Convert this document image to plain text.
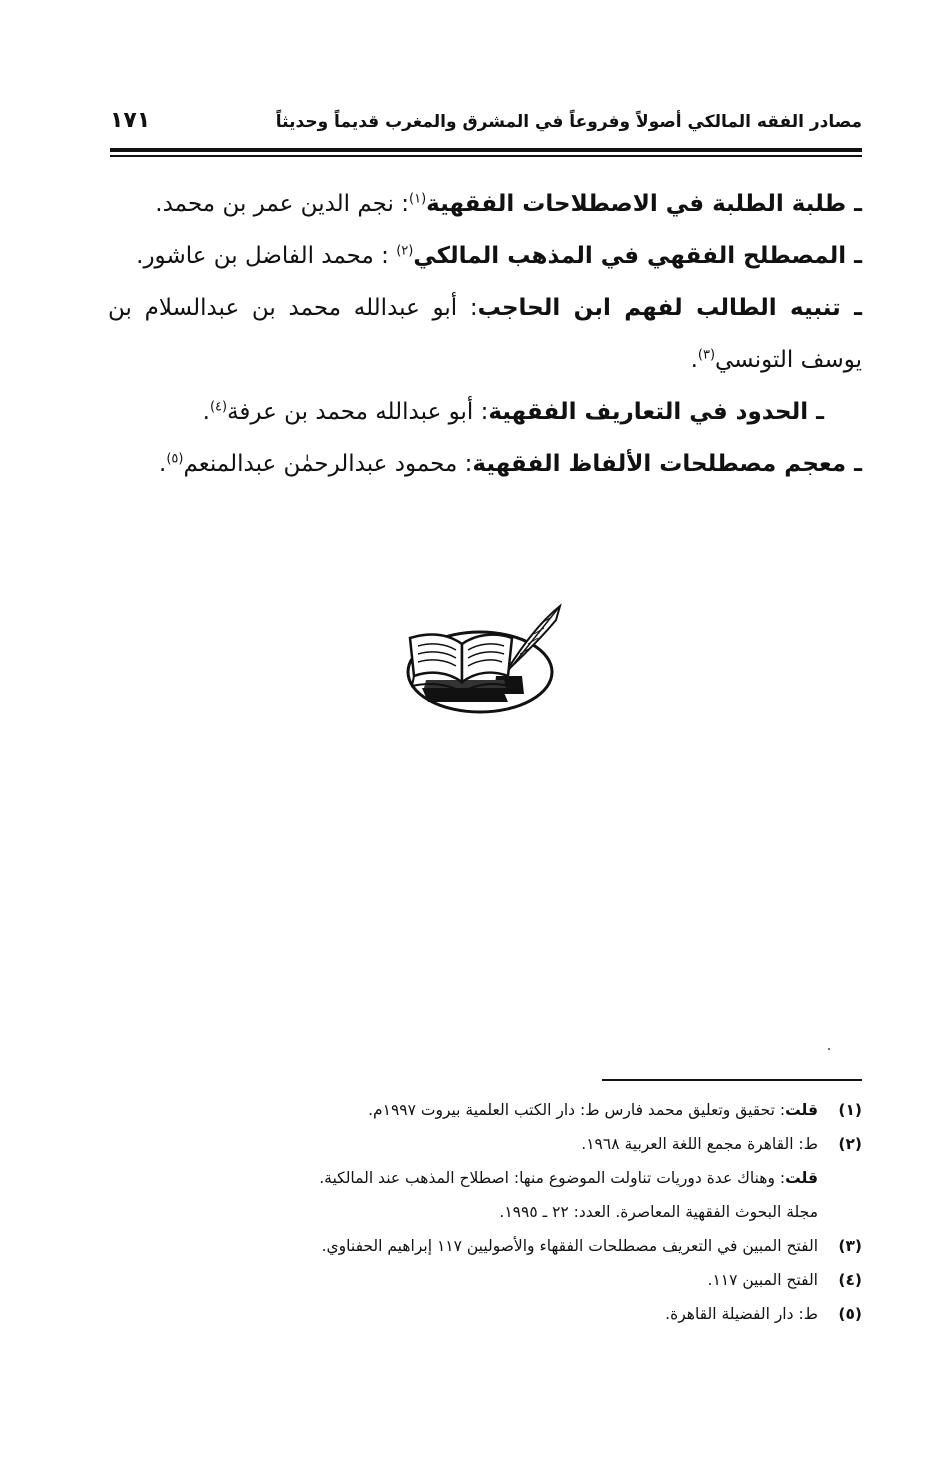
مصادر الفقه المالكي أصولاً وفروعاً في المشرق والمغرب قديماً وحديثاً
١٧١

ـ طلبة الطلبة في الاصطلاحات الفقهية$^{(١)}$: نجم الدين عمر بن محمد.

ـ المصطلح الفقهي في المذهب المالكي$^{(٢)}$ : محمد الفاضل بن عاشور.

ـ تنبيه الطالب لفهم ابن الحاجب: أبو عبدالله محمد بن عبدالسلام بن يوسف التونسي$^{(٣)}$.

ـ الحدود في التعاريف الفقهية: أبو عبدالله محمد بن عرفة$^{(٤)}$.

ـ معجم مصطلحات الألفاظ الفقهية: محمود عبدالرحمٰن عبدالمنعم$^{(٥)}$.

(١)
قلت: تحقيق وتعليق محمد فارس ط: دار الكتب العلمية بيروت ١٩٩٧م.
(٢)
ط: القاهرة مجمع اللغة العربية ١٩٦٨.
قلت: وهناك عدة دوريات تناولت الموضوع منها: اصطلاح المذهب عند المالكية.
مجلة البحوث الفقهية المعاصرة. العدد: ٢٢ ـ ١٩٩٥.
(٣)
الفتح المبين في التعريف مصطلحات الفقهاء والأصوليين ١١٧ إبراهيم الحفناوي.
(٤)
الفتح المبين ١١٧.
(٥)
ط: دار الفضيلة القاهرة.
